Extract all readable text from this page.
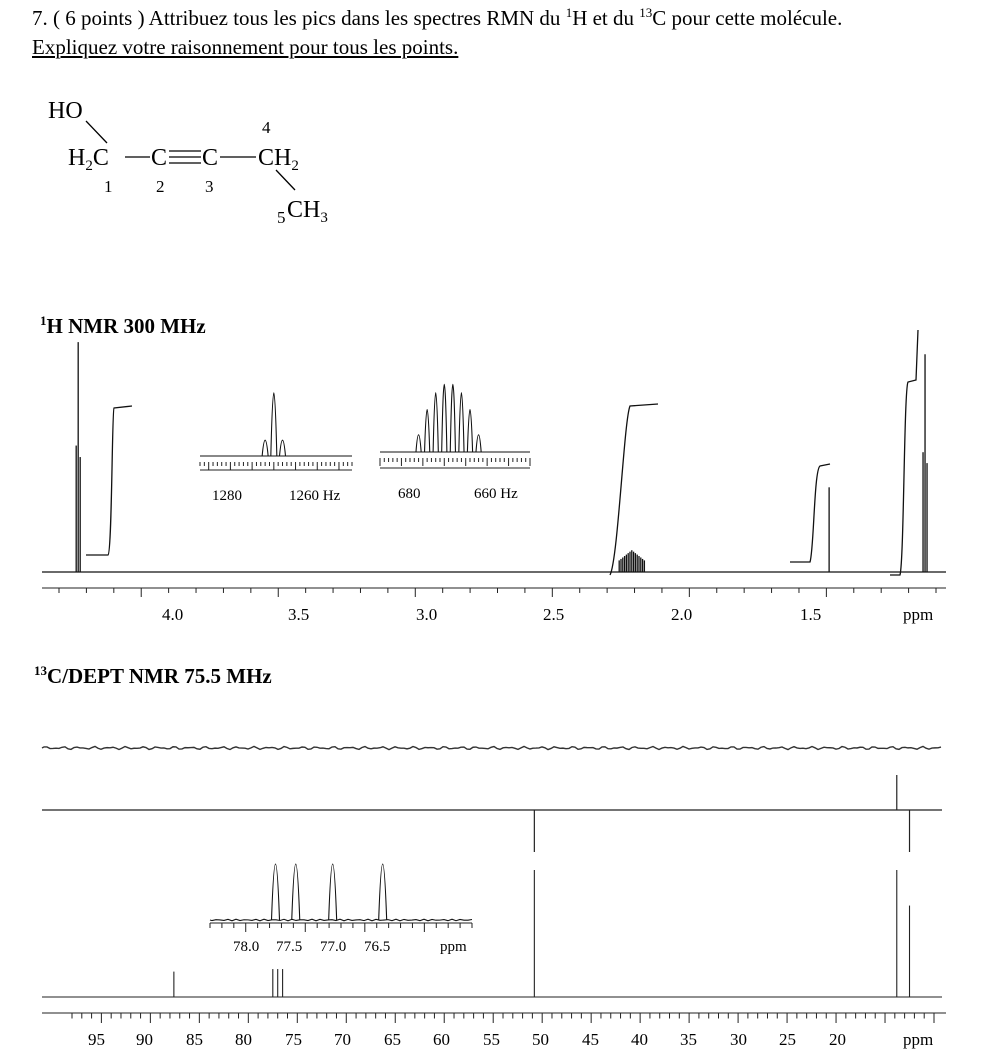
7. ( 6 points ) Attribuez tous les pics dans les spectres RMN du $^1$H et du $^{13}$C pour cette molécule.
Expliquez votre raisonnement pour tous les points.
HO
$H_2C$ C C $CH_2$
$CH_3$
1	2 3
4
5
$^1$H NMR 300 MHz
4.0	3.5	3.0	2.5	2.0	1.5	ppm
1280	1260 Hz	680	660 Hz
$^{13}$C/DEPT NMR 75.5 MHz
95 90 85 80 75 70 65 60 55 50 45 40 35 30 25 20	ppm
78.0 77.5 77.0 76.5	ppm
